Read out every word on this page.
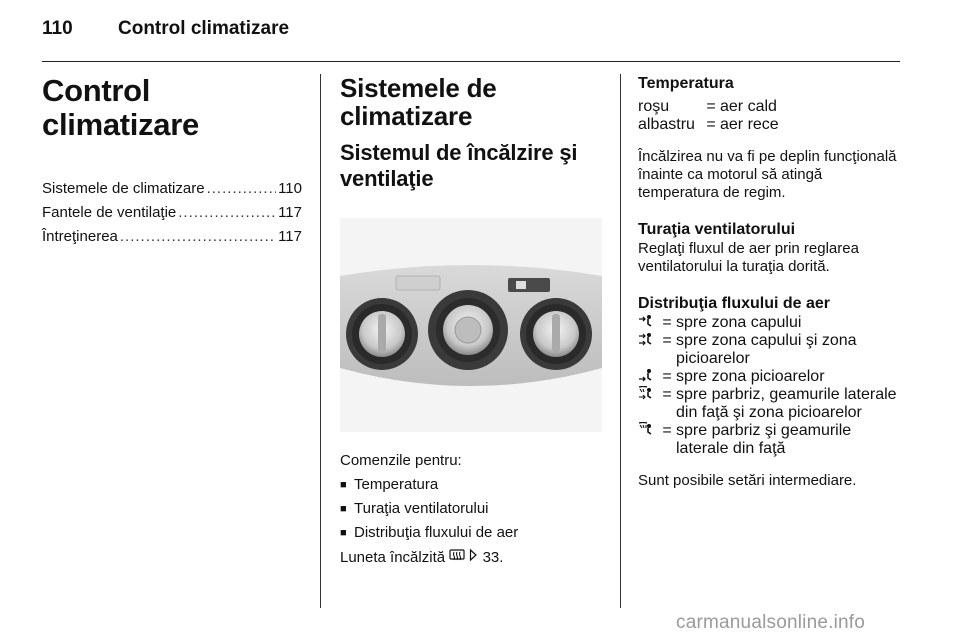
110 Control climatizare
Control climatizare
Sistemele de climatizare .....	110
Fantele de ventilaţie .....	117
Întreţinerea .....	117
Sistemele de
climatizare
Sistemul de încălzire şi
ventilaţie

Comenzile pentru:

■ Temperatura
■ Turaţia ventilatorului
■ Distribuţia fluxului de aer

Luneta încălzită	33.

Temperatura
roşu	= aer cald
albastru = aer rece

Încălzirea nu va fi pe deplin funcţională înainte ca motorul să atingă temperatura de regim.

Turaţia ventilatorului

Reglaţi fluxul de aer prin reglarea ventilatorului la turaţia dorită.

Distribuţia fluxului de aer
= spre zona capului
= spre zona capului şi zona picioarelor
= spre zona picioarelor
= spre parbriz, geamurile laterale din faţă şi zona picioarelor
= spre parbriz şi geamurile laterale din faţă

Sunt posibile setări intermediare.

carmanualsonline.info
